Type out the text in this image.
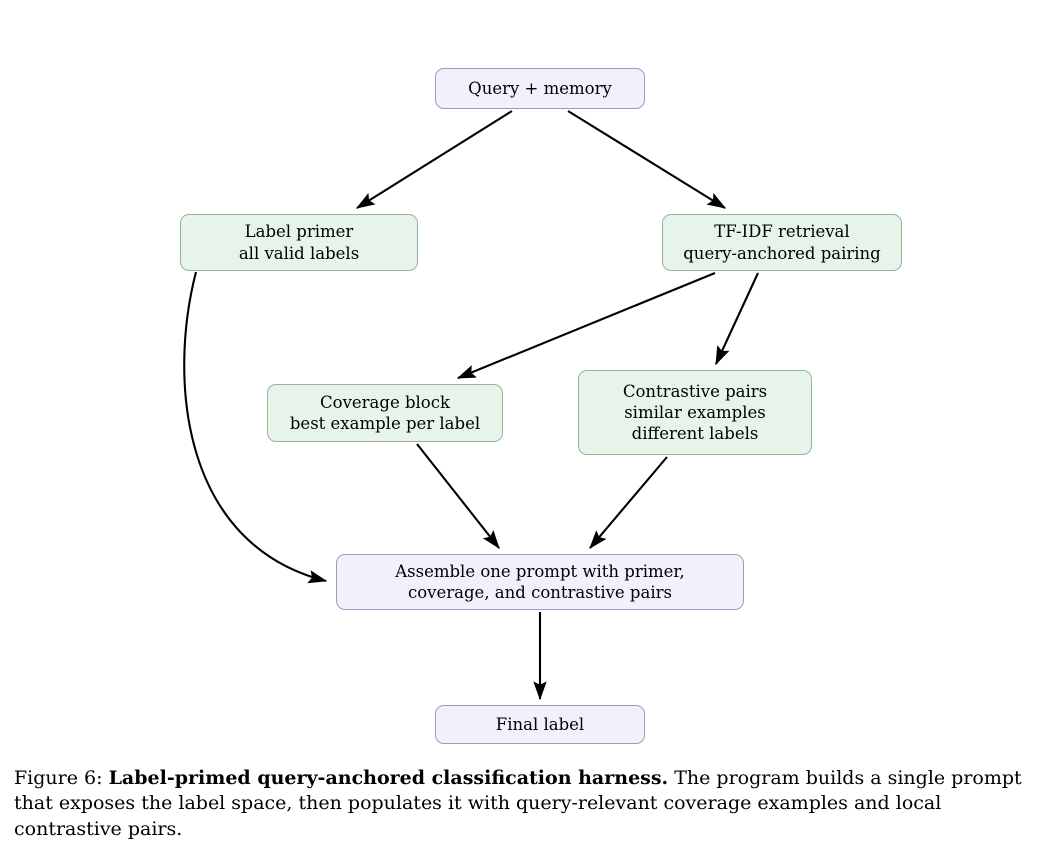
Query + memory
Label primer
all valid labels
TF-IDF retrieval
query-anchored pairing
Coverage block
best example per label
Contrastive pairs
similar examples
different labels
Assemble one prompt with primer,
coverage, and contrastive pairs
Final label
Figure 6: Label-primed query-anchored classification harness. The program builds a single prompt that exposes the label space, then populates it with query-relevant coverage examples and local contrastive pairs.
